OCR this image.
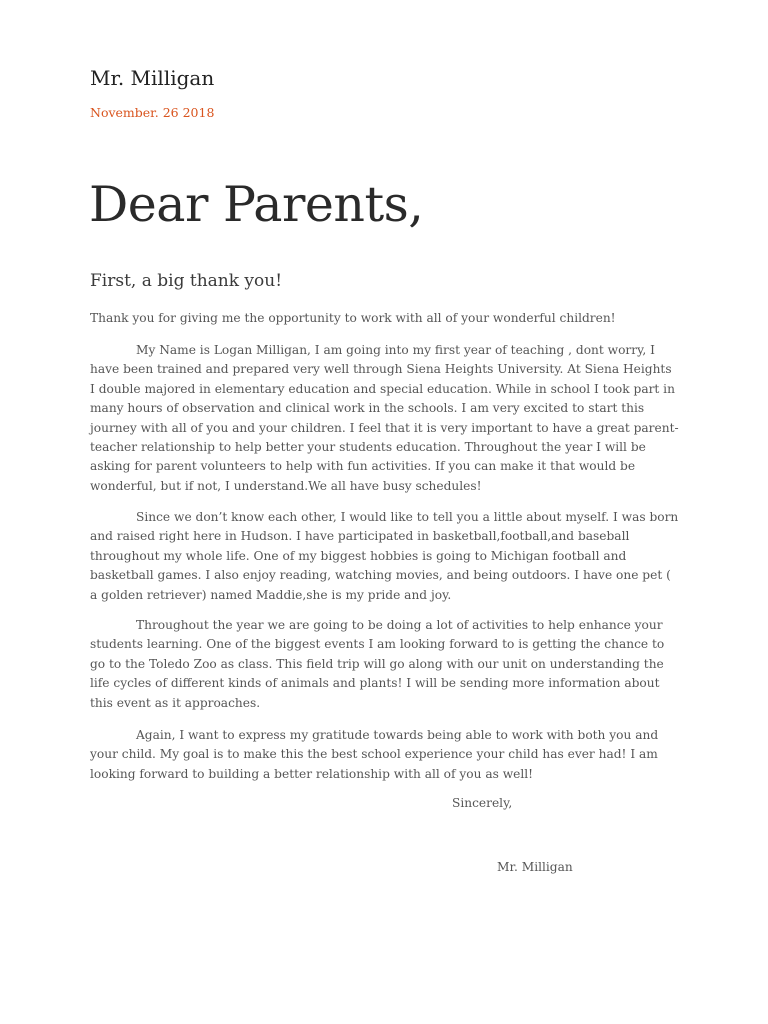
Mr. Milligan
November. 26 2018
Dear Parents,
First, a big thank you!

Thank you for giving me the opportunity to work with all of your wonderful children!

My Name is Logan Milligan, I am going into my first year of teaching , dont worry, I have been trained and prepared very well through Siena Heights University. At Siena Heights I double majored in elementary education and special education. While in school I took part in many hours of observation and clinical work in the schools. I am very excited to start this journey with all of you and your children. I feel that it is very important to have a great parent-teacher relationship to help better your students education. Throughout the year I will be asking for parent volunteers to help with fun activities. If you can make it that would be wonderful, but if not, I understand.We all have busy schedules!

Since we don’t know each other, I would like to tell you a little about myself. I was born and raised right here in Hudson. I have participated in basketball,football,and baseball throughout my whole life. One of my biggest hobbies is going to Michigan football and basketball games. I also enjoy reading, watching movies, and being outdoors. I have one pet ( a golden retriever) named Maddie,she is my pride and joy.

Throughout the year we are going to be doing a lot of activities to help enhance your students learning. One of the biggest events I am looking forward to is getting the chance to go to the Toledo Zoo as class. This field trip will go along with our unit on understanding the life cycles of different kinds of animals and plants! I will be sending more information about this event as it approaches.

Again, I want to express my gratitude towards being able to work with both you and your child. My goal is to make this the best school experience your child has ever had! I am looking forward to building a better relationship with all of you as well!

Sincerely,
Mr. Milligan
